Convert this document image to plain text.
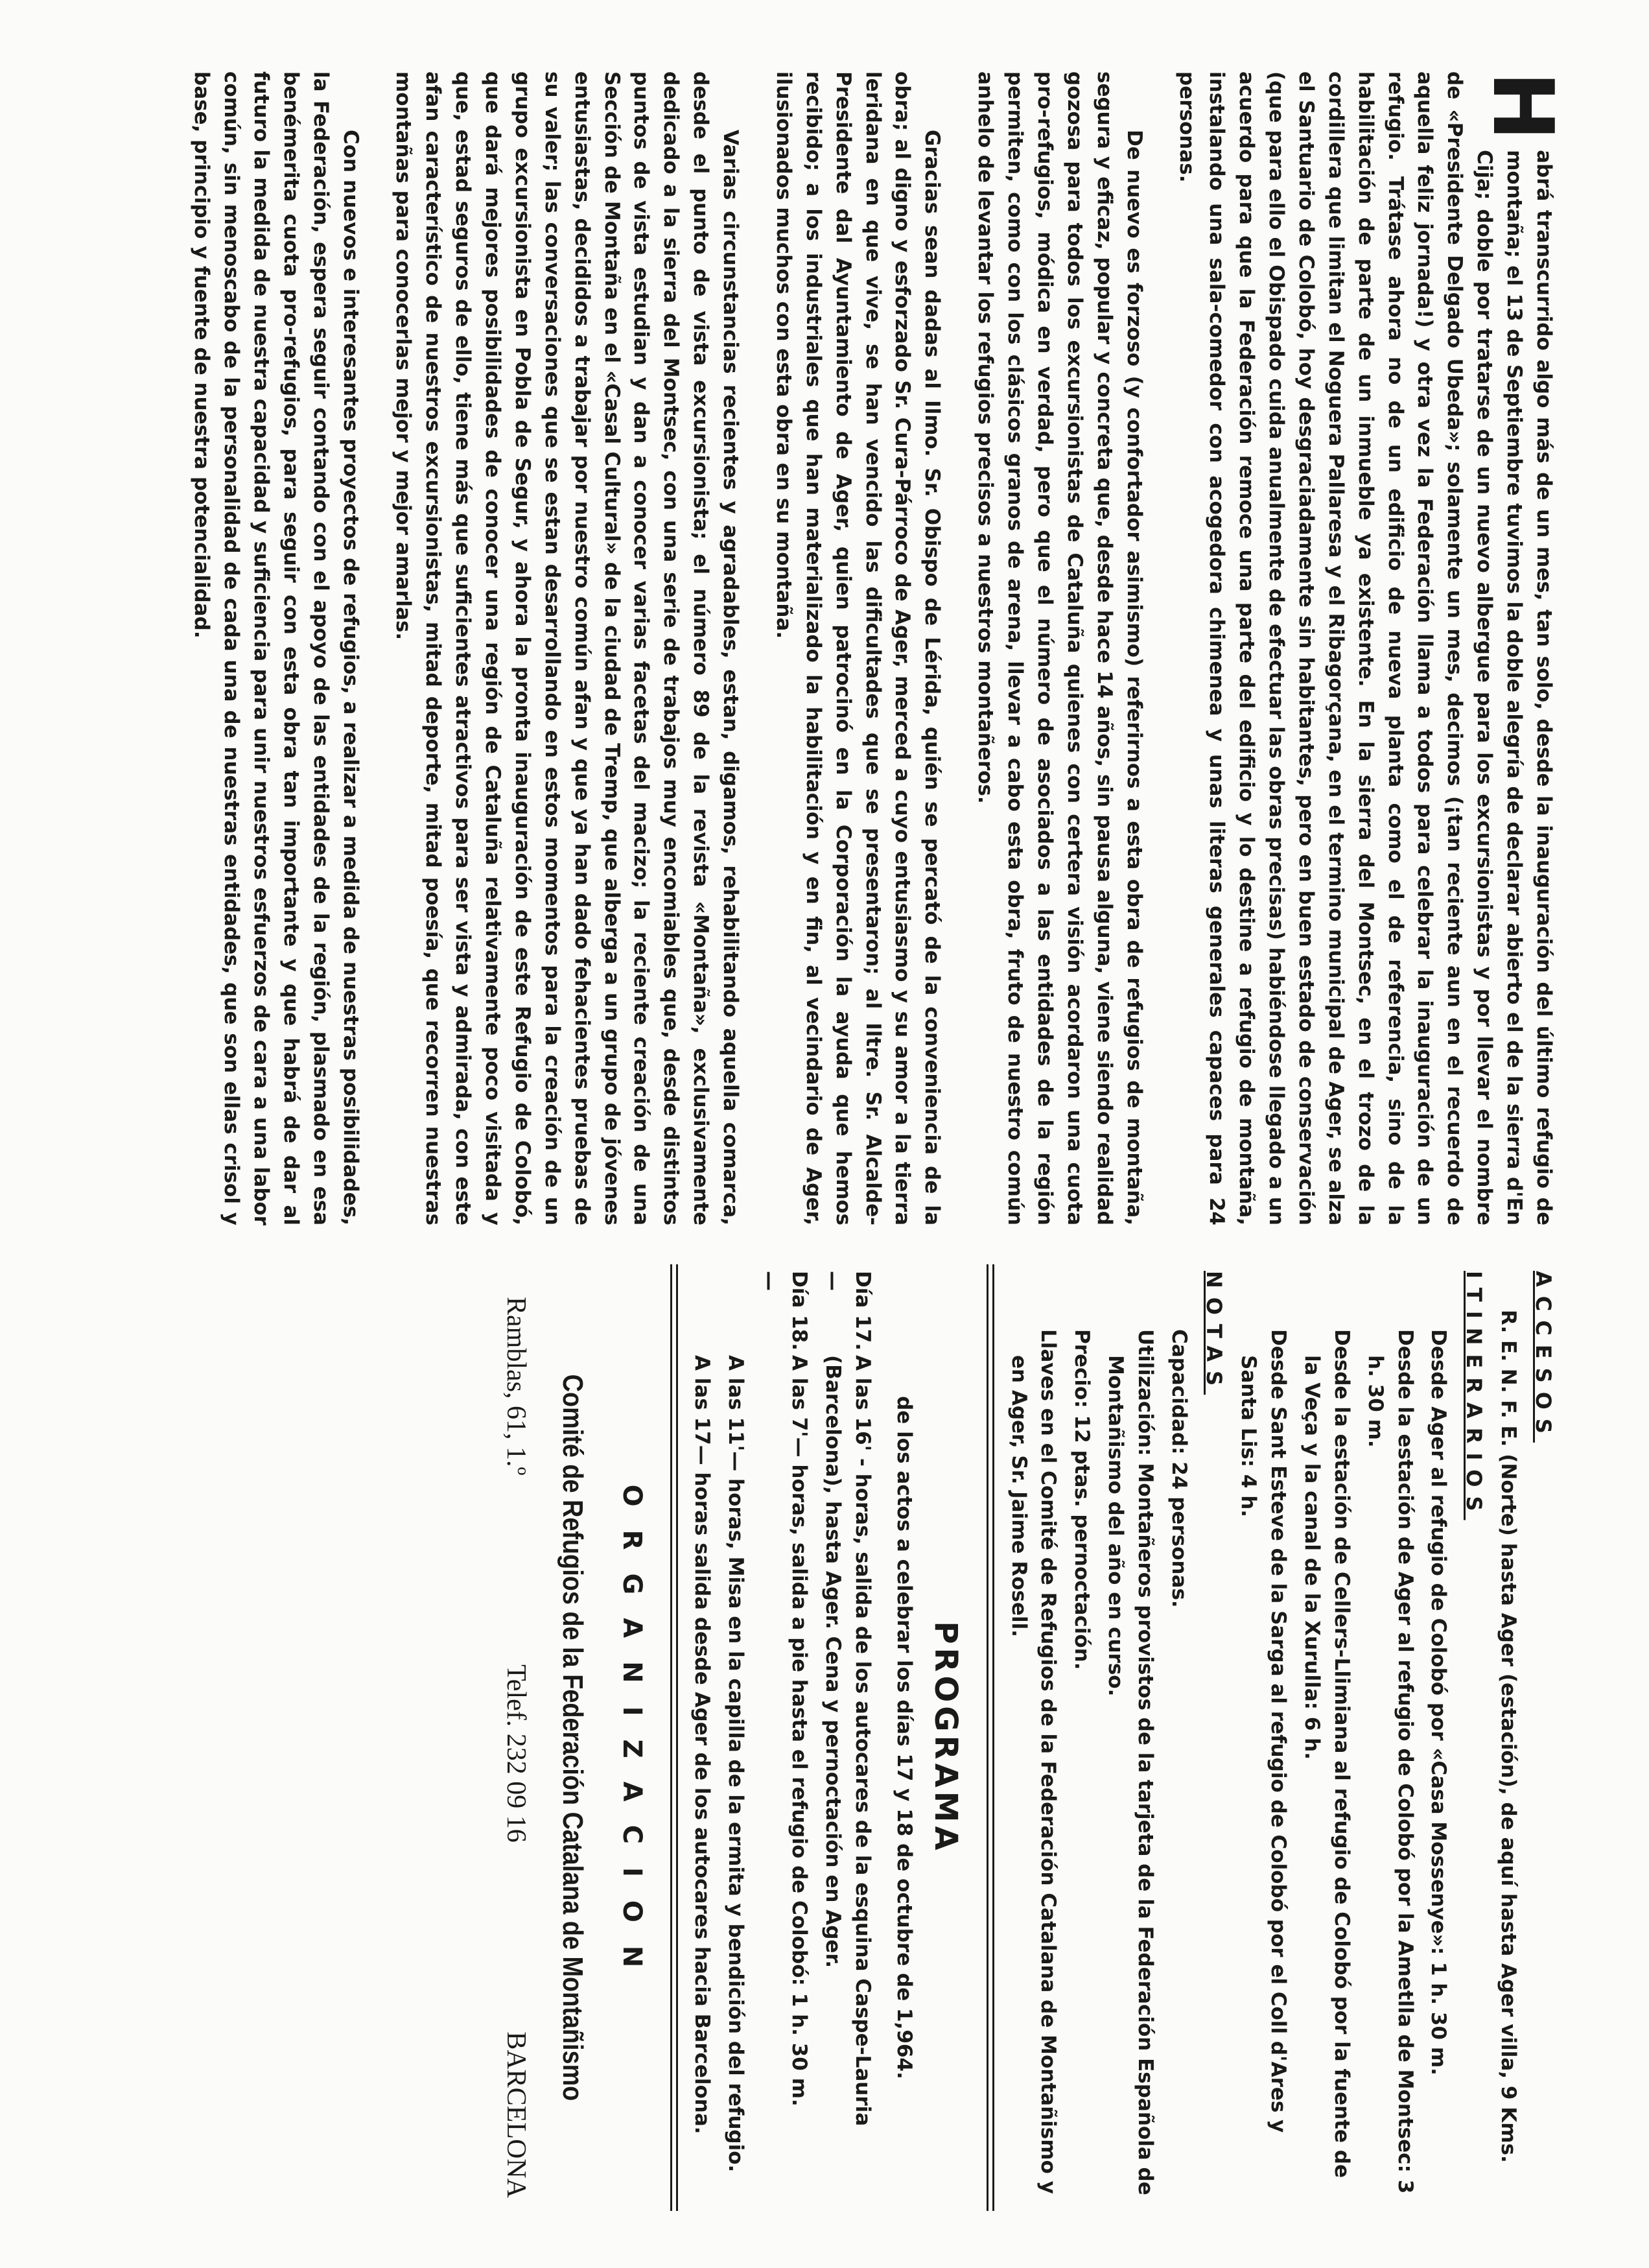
H
abrá transcurrido algo más de un mes, tan solo, desde la inauguración del último refugio de montaña; el 13 de Septiembre tuvimos la doble alegría de declarar abierto el de la sierra d'En Cija; doble por tratarse de un nuevo albergue para los excursionistas y por llevar el nombre de «Presidente Delgado Ubeda»; solamente un mes, decimos (¡tan reciente aun en el recuerdo de aquella feliz jornada!) y otra vez la Federación llama a todos para celebrar la inauguración de un refugio. Trátase ahora no de un edificio de nueva planta como el de referencia, sino de la habilitación de parte de un inmueble ya existente. En la sierra del Montsec, en el trozo de la cordillera que limitan el Noguera Pallaresa y el Ribagorçana, en el termino municipal de Ager, se alza el Santuario de Colobó, hoy desgraciadamente sin habitantes, pero en buen estado de conservación (que para ello el Obispado cuida anualmente de efectuar las obras precisas) habiéndose llegado a un acuerdo para que la Federación remoce una parte del edificio y lo destine a refugio de montaña, instalando una sala-comedor con acogedora chimenea y unas literas generales capaces para 24 personas.

De nuevo es forzoso (y confortador asimismo) referirnos a esta obra de refugios de montaña, segura y eficaz, popular y concreta que, desde hace 14 años, sin pausa alguna, viene siendo realidad gozosa para todos los excursionistas de Cataluña quienes con certera visión acordaron una cuota pro-refugios, módica en verdad, pero que el número de asociados a las entidades de la región permiten, como con los clásicos granos de arena, llevar a cabo esta obra, fruto de nuestro común anhelo de levantar los refugios precisos a nuestros montañeros.

Gracias sean dadas al Ilmo. Sr. Obispo de Lérida, quién se percató de la conveniencia de la obra; al digno y esforzado Sr. Cura-Párroco de Ager, merced a cuyo entusiasmo y su amor a la tierra leridana en que vive, se han vencido las dificultades que se presentaron; al Iltre. Sr. Alcalde-Presidente dal Ayuntamiento de Ager, quien patrocinó en la Corporación la ayuda que hemos recibido; a los industriales que han materializado la habilitación y en fin, al vecindario de Ager, ilusionados muchos con esta obra en su montaña.

Varias circunstancias recientes y agradables, estan, digamos, rehabilitando aquella comarca, desde el punto de vista excursionista; el número 89 de la revista «Montaña», exclusivamente dedicado a la sierra del Montsec, con una serie de trabajos muy encomiables que, desde distintos puntos de vista estudian y dan a conocer varias facetas del macizo; la reciente creación de una Sección de Montaña en el «Casal Cultural» de la ciudad de Tremp, que alberga a un grupo de jóvenes entusiastas, decididos a trabajar por nuestro común afan y que ya han dado fehacientes pruebas de su valer; las conversaciones que se estan desarrollando en estos momentos para la creación de un grupo excursionista en Pobla de Segur, y ahora la pronta inauguración de este Refugio de Colobó, que dará mejores posibilidades de conocer una región de Cataluña relativamente poco visitada y que, estad seguros de ello, tiene más que suficientes atractivos para ser vista y admirada, con este afan característico de nuestros excursionistas, mitad deporte, mitad poesía, que recorren nuestras montañas para conocerlas mejor y mejor amarlas.

Con nuevos e interesantes proyectos de refugios, a realizar a medida de nuestras posibilidades, la Federación, espera seguir contando con el apoyo de las entidades de la región, plasmado en esa benémerita cuota pro-refugios, para seguir con esta obra tan importante y que habrá de dar al futuro la medida de nuestra capacidad y suficiencia para unir nuestros esfuerzos de cara a una labor común, sin menoscabo de la personalidad de cada una de nuestras entidades, que son ellas crisol y base, principio y fuente de nuestra potencialidad.

ACCESOS
R. E. N. F. E. (Norte) hasta Ager (estación), de aquí hasta Ager villa, 9 Kms.
ITINERARIOS
Desde Ager al refugio de Colobó por «Casa Mossenye»: 1 h. 30 m.
Desde la estación de Ager al refugio de Colobó por la Ametlla de Montsec: 3 h. 30 m.
Desde la estación de Cellers-Llimiana al refugio de Colobó por la fuente de la Veça y la canal de la Xurulla: 6 h.
Desde Sant Esteve de la Sarga al refugio de Colobó por el Coll d'Ares y Santa Lis: 4 h.
NOTAS
Capacidad: 24 personas.
Utilización: Montañeros provistos de la tarjeta de la Federación Española de Montañismo del año en curso.
Precio: 12 ptas. pernoctación.
Llaves en el Comité de Refugios de la Federación Catalana de Montañismo y en Ager, Sr. Jaime Rosell.
PROGRAMA
de los actos a celebrar los días 17 y 18 de octubre de 1,964.
Día 17.—
A las 16' - horas, salida de los autocares de la esquina Caspe-Lauria (Barcelona), hasta Ager. Cena y pernoctación en Ager.
Día 18.—
A las 7'— horas, salida a pie hasta el refugio de Colobó: 1 h. 30 m.
A las 11'— horas, Misa en la capilla de la ermita y bendición del refugio.
A las 17— horas salida desde Ager de los autocares hacia Barcelona.
ORGANIZACION
Comité de Refugios de la Federación Catalana de Montañismo
Ramblas, 61, 1.º
Telef. 232 09 16
BARCELONA
